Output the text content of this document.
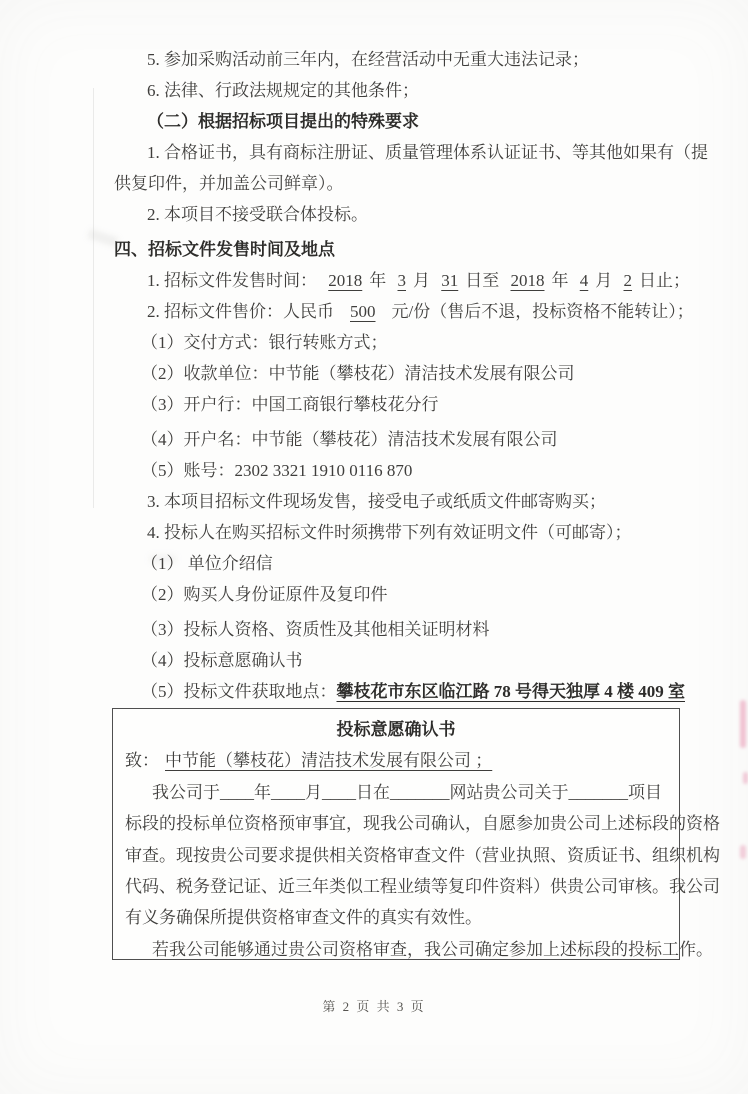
5. 参加采购活动前三年内，在经营活动中无重大违法记录；
6. 法律、行政法规规定的其他条件；
（二）根据招标项目提出的特殊要求
1. 合格证书，具有商标注册证、质量管理体系认证证书、等其他如果有（提
供复印件，并加盖公司鲜章）。
2. 本项目不接受联合体投标。
四、招标文件发售时间及地点
1. 招标文件发售时间： 2018 年 3 月 31 日至 2018 年 4 月 2 日止；
2. 招标文件售价：人民币 500 元/份（售后不退，投标资格不能转让）；
（1）交付方式：银行转账方式；
（2）收款单位：中节能（攀枝花）清洁技术发展有限公司
（3）开户行：中国工商银行攀枝花分行
（4）开户名：中节能（攀枝花）清洁技术发展有限公司
（5）账号：2302 3321 1910 0116 870
3. 本项目招标文件现场发售，接受电子或纸质文件邮寄购买；
4. 投标人在购买招标文件时须携带下列有效证明文件（可邮寄）；
（1） 单位介绍信
（2）购买人身份证原件及复印件
（3）投标人资格、资质性及其他相关证明材料
（4）投标意愿确认书
（5）投标文件获取地点：攀枝花市东区临江路 78 号得天独厚 4 楼 409 室
投标意愿确认书
致： 中节能（攀枝花）清洁技术发展有限公司 ；
我公司于____年____月____日在_______网站贵公司关于_______项目
标段的投标单位资格预审事宜，现我公司确认，自愿参加贵公司上述标段的资格
审查。现按贵公司要求提供相关资格审查文件（营业执照、资质证书、组织机构
代码、税务登记证、近三年类似工程业绩等复印件资料）供贵公司审核。我公司
有义务确保所提供资格审查文件的真实有效性。
若我公司能够通过贵公司资格审查，我公司确定参加上述标段的投标工作。
第 2 页 共 3 页
